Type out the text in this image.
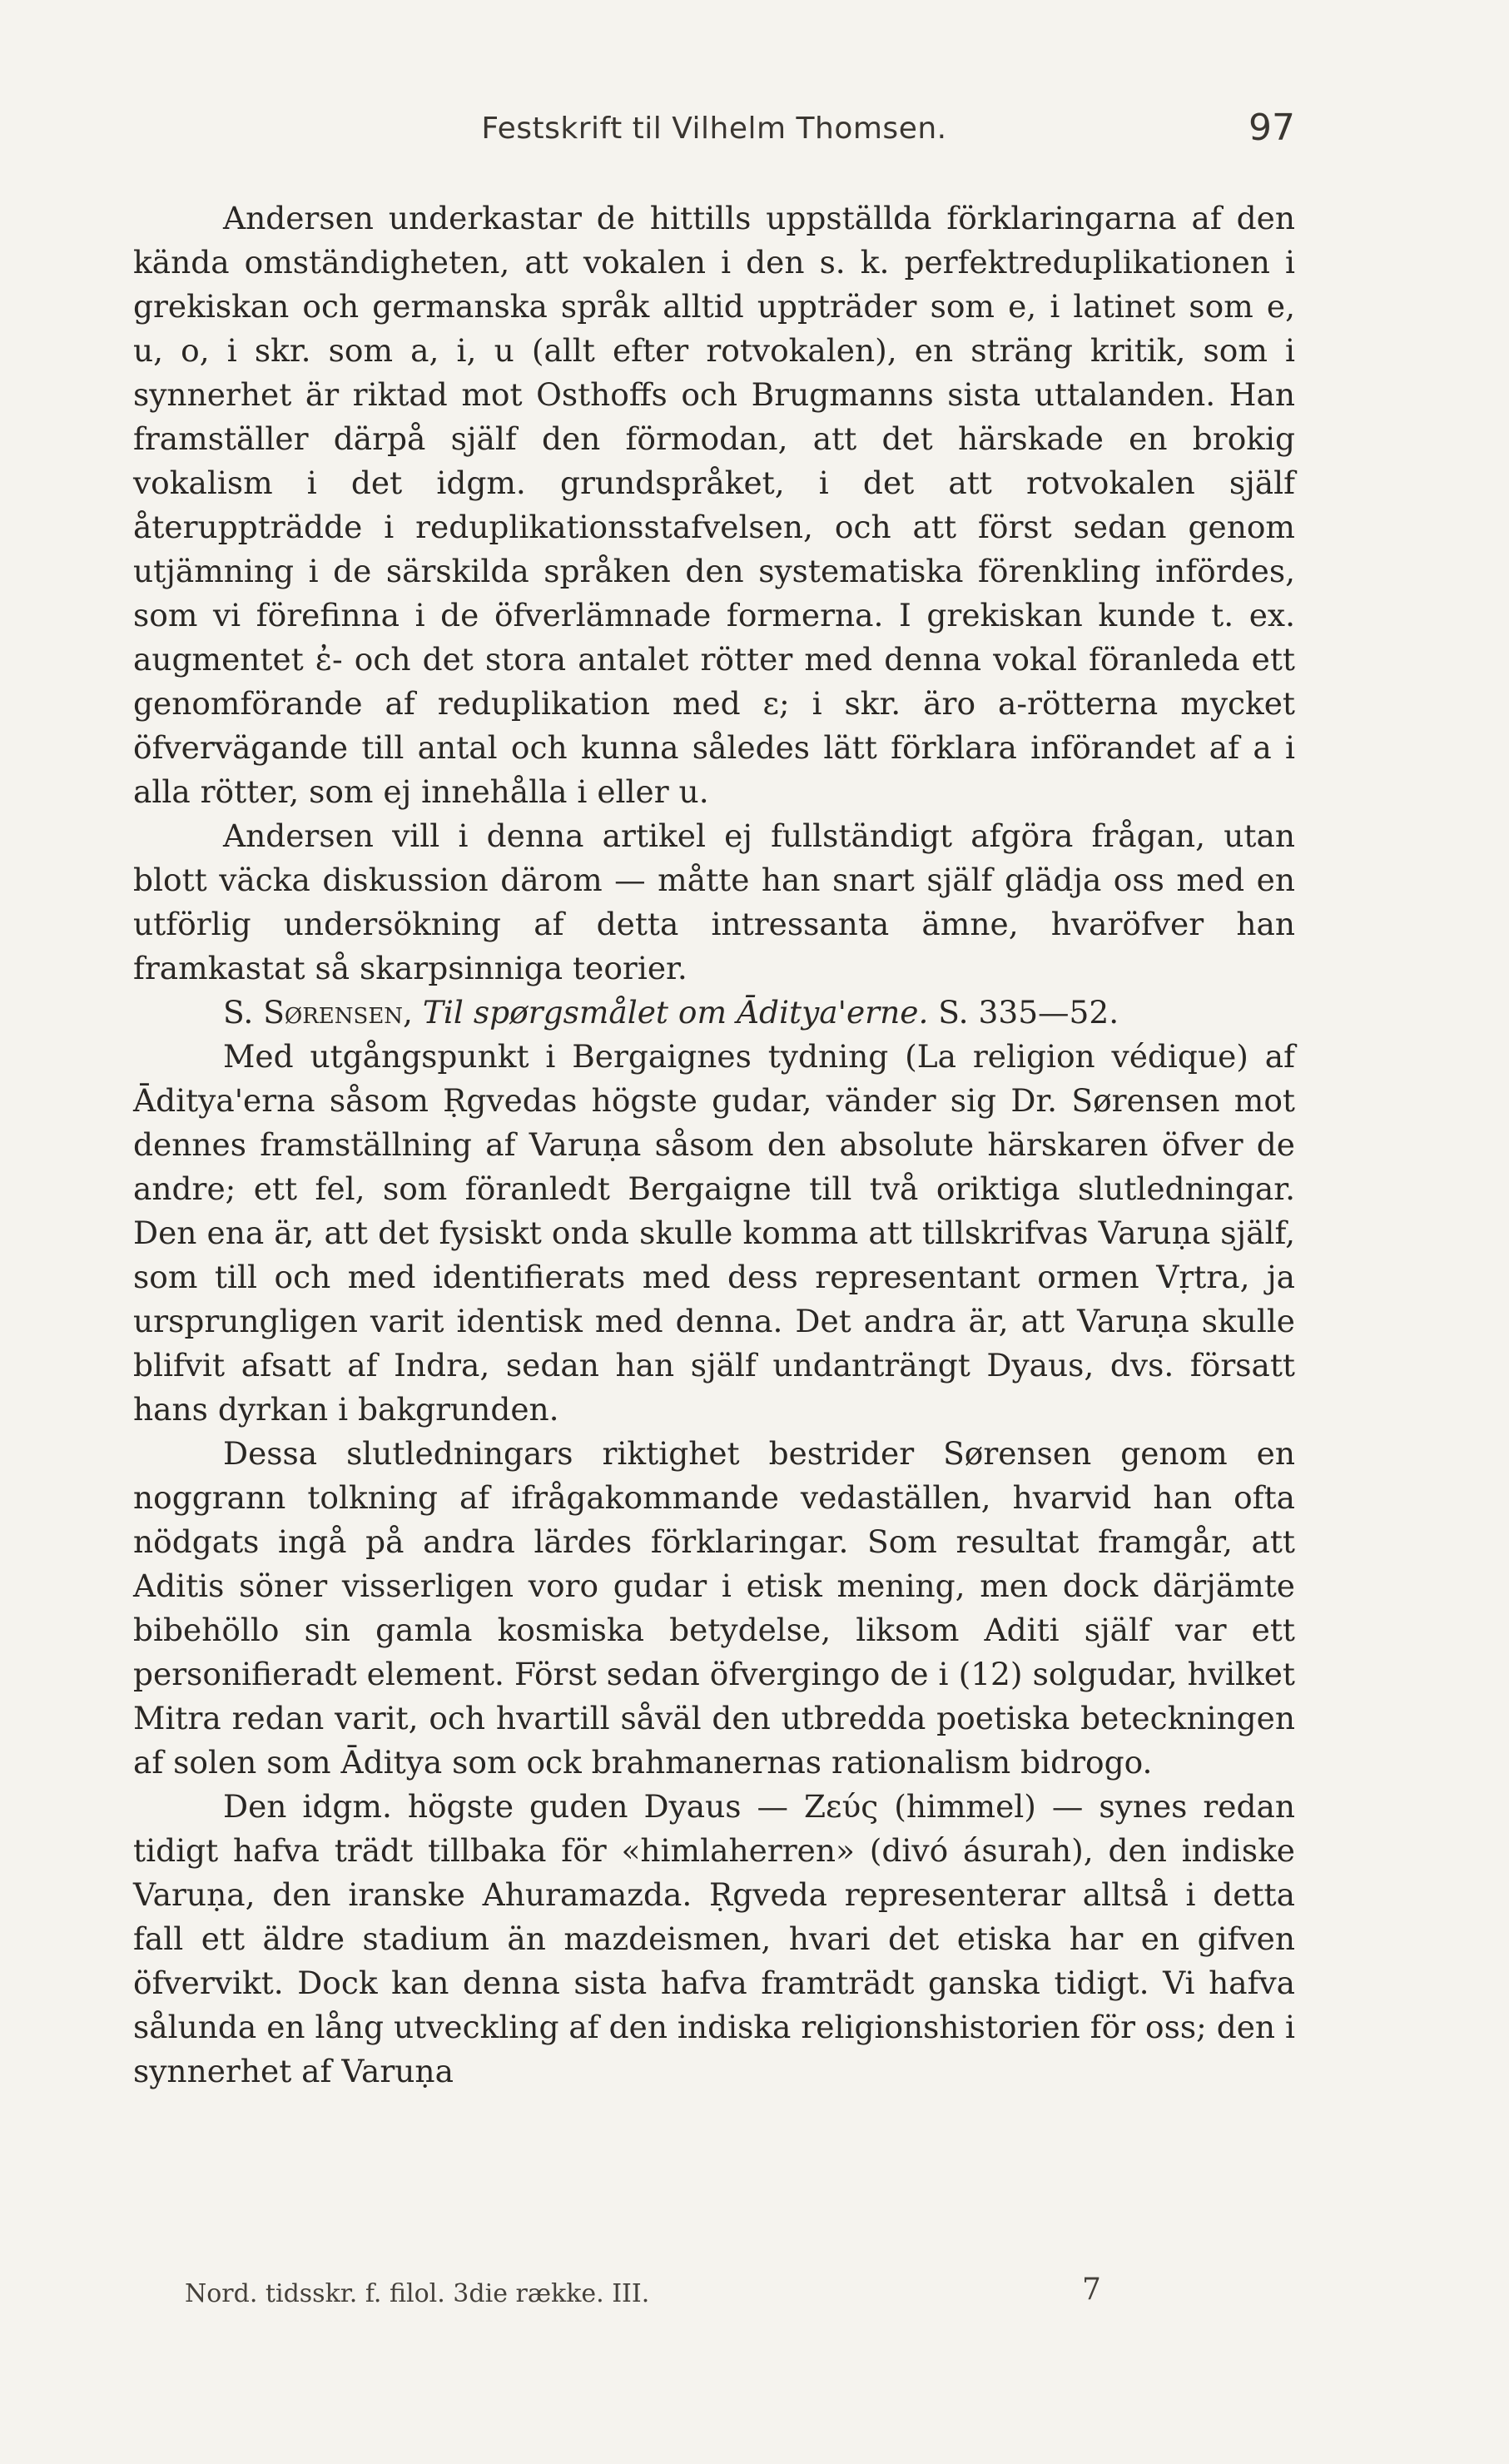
Festskrift til Vilhelm Thomsen.	97

Andersen underkastar de hittills uppställda förklaringarna af den kända omständigheten, att vokalen i den s. k. perfektreduplikationen i grekiskan och germanska språk alltid uppträder som e, i latinet som e, u, o, i skr. som a, i, u (allt efter rotvokalen), en sträng kritik, som i synnerhet är riktad mot Osthoffs och Brugmanns sista uttalanden. Han framställer därpå själf den förmodan, att det härskade en brokig vokalism i det idgm. grundspråket, i det att rotvokalen själf återuppträdde i reduplikationsstafvelsen, och att först sedan genom utjämning i de särskilda språken den systematiska förenkling infördes, som vi förefinna i de öfverlämnade formerna. I grekiskan kunde t. ex. augmentet ἐ- och det stora antalet rötter med denna vokal föranleda ett genomförande af reduplikation med ε; i skr. äro a-rötterna mycket öfvervägande till antal och kunna således lätt förklara införandet af a i alla rötter, som ej innehålla i eller u.

Andersen vill i denna artikel ej fullständigt afgöra frågan, utan blott väcka diskussion därom — måtte han snart själf glädja oss med en utförlig undersökning af detta intressanta ämne, hvaröfver han framkastat så skarpsinniga teorier.

S. Sørensen, Til spørgsmålet om Āditya'erne. S. 335—52.

Med utgångspunkt i Bergaignes tydning (La religion védique) af Āditya'erna såsom Ṛgvedas högste gudar, vänder sig Dr. Sørensen mot dennes framställning af Varuṇa såsom den absolute härskaren öfver de andre; ett fel, som föranledt Bergaigne till två oriktiga slutledningar. Den ena är, att det fysiskt onda skulle komma att tillskrifvas Varuṇa själf, som till och med identifierats med dess representant ormen Vṛtra, ja ursprungligen varit identisk med denna. Det andra är, att Varuṇa skulle blifvit afsatt af Indra, sedan han själf undanträngt Dyaus, dvs. försatt hans dyrkan i bakgrunden.

Dessa slutledningars riktighet bestrider Sørensen genom en noggrann tolkning af ifrågakommande vedaställen, hvarvid han ofta nödgats ingå på andra lärdes förklaringar. Som resultat framgår, att Aditis söner visserligen voro gudar i etisk mening, men dock därjämte bibehöllo sin gamla kosmiska betydelse, liksom Aditi själf var ett personifieradt element. Först sedan öfvergingo de i (12) solgudar, hvilket Mitra redan varit, och hvartill såväl den utbredda poetiska beteckningen af solen som Āditya som ock brahmanernas rationalism bidrogo.

Den idgm. högste guden Dyaus — Ζεύς (himmel) — synes redan tidigt hafva trädt tillbaka för «himlaherren» (divó ásurah), den indiske Varuṇa, den iranske Ahuramazda. Ṛgveda representerar alltså i detta fall ett äldre stadium än mazdeismen, hvari det etiska har en gifven öfvervikt. Dock kan denna sista hafva framträdt ganska tidigt. Vi hafva sålunda en lång utveckling af den indiska religionshistorien för oss; den i synnerhet af Varuṇa

Nord. tidsskr. f. filol. 3die række. III.	7
